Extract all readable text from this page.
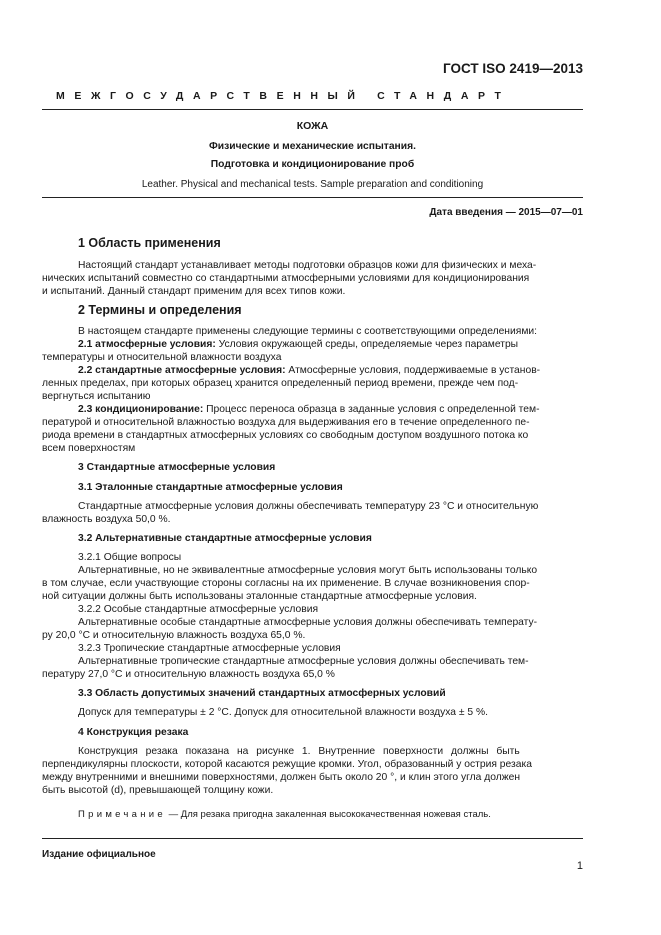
ГОСТ ISO 2419—2013
МЕЖГОСУДАРСТВЕННЫЙ СТАНДАРТ
КОЖА
Физические и механические испытания.
Подготовка и кондиционирование проб
Leather. Physical and mechanical tests. Sample preparation and conditioning
Дата введения — 2015—07—01
1 Область применения
Настоящий стандарт устанавливает методы подготовки образцов кожи для физических и меха-
нических испытаний совместно со стандартными атмосферными условиями для кондиционирования
и испытаний. Данный стандарт применим для всех типов кожи.
2 Термины и определения
В настоящем стандарте применены следующие термины с соответствующими определениями:
2.1 атмосферные условия: Условия окружающей среды, определяемые через параметры
температуры и относительной влажности воздуха
2.2 стандартные атмосферные условия: Атмосферные условия, поддерживаемые в установ-
ленных пределах, при которых образец хранится определенный период времени, прежде чем под-
вергнуться испытанию
2.3 кондиционирование: Процесс переноса образца в заданные условия с определенной тем-
пературой и относительной влажностью воздуха для выдерживания его в течение определенного пе-
риода времени в стандартных атмосферных условиях со свободным доступом воздушного потока ко
всем поверхностям
3 Стандартные атмосферные условия
3.1 Эталонные стандартные атмосферные условия
Стандартные атмосферные условия должны обеспечивать температуру 23 °С и относительную
влажность воздуха 50,0 %.
3.2 Альтернативные стандартные атмосферные условия
3.2.1 Общие вопросы
Альтернативные, но не эквивалентные атмосферные условия могут быть использованы только
в том случае, если участвующие стороны согласны на их применение. В случае возникновения спор-
ной ситуации должны быть использованы эталонные стандартные атмосферные условия.
3.2.2 Особые стандартные атмосферные условия
Альтернативные особые стандартные атмосферные условия должны обеспечивать температу-
ру 20,0 °С и относительную влажность воздуха 65,0 %.
3.2.3 Тропические стандартные атмосферные условия
Альтернативные тропические стандартные атмосферные условия должны обеспечивать тем-
пературу 27,0 °С и относительную влажность воздуха 65,0 %
3.3 Область допустимых значений стандартных атмосферных условий
Допуск для температуры ± 2 °С. Допуск для относительной влажности воздуха ± 5 %.
4 Конструкция резака
Конструкция резака показана на рисунке 1. Внутренние поверхности должны быть
перпендикулярны плоскости, которой касаются режущие кромки. Угол, образованный у острия резака
между внутренними и внешними поверхностями, должен быть около 20 °, и клин этого угла должен
быть высотой (d), превышающей толщину кожи.
Примечание — Для резака пригодна закаленная высококачественная ножевая сталь.
Издание официальное
1
